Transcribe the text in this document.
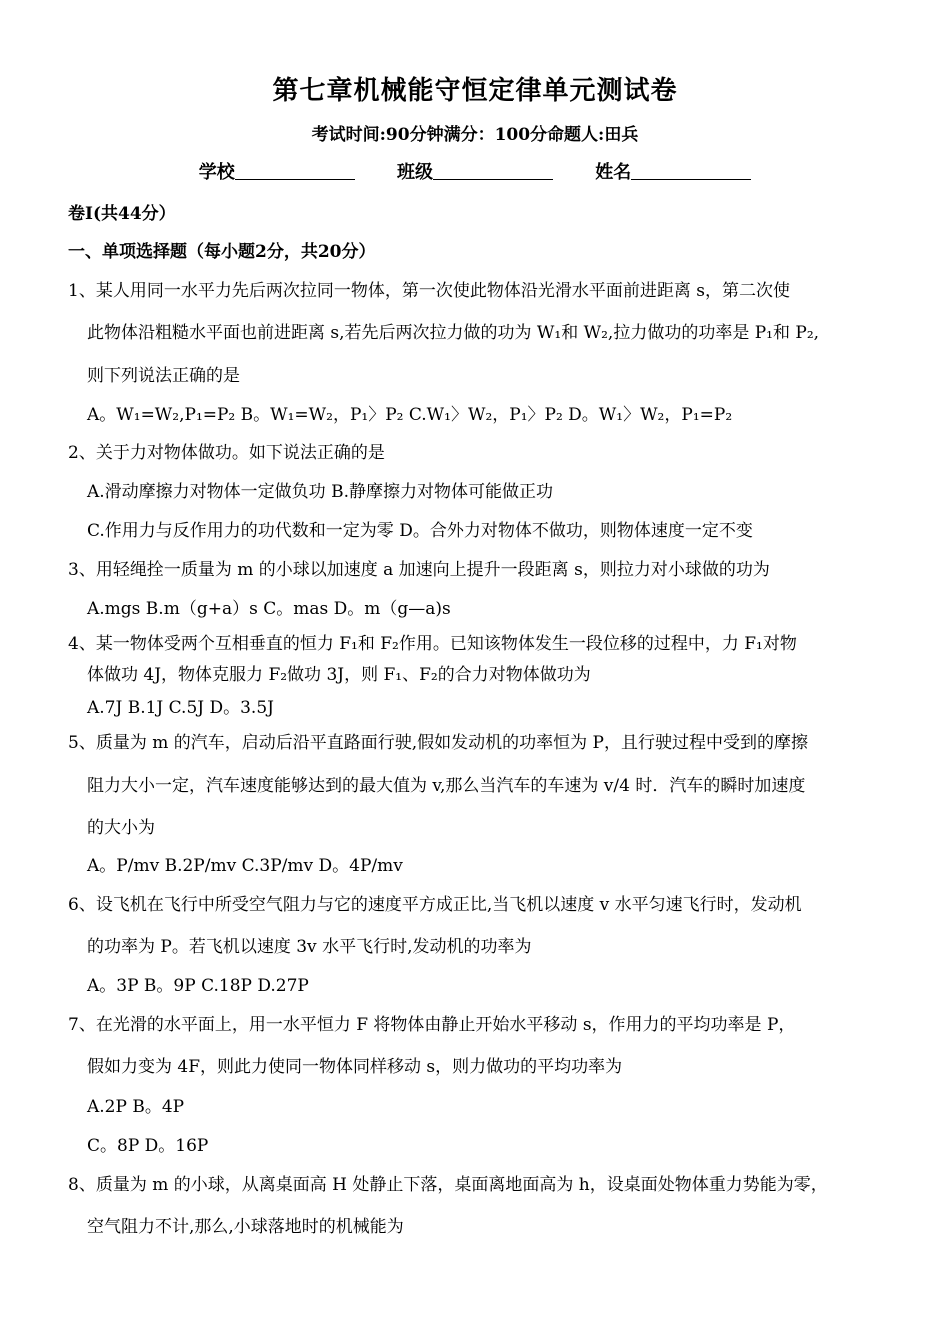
第七章机械能守恒定律单元测试卷
考试时间:90分钟满分：100分命题人:田兵
学校	班级	姓名
卷Ⅰ(共44分）
一、单项选择题（每小题2分，共20分）
1、某人用同一水平力先后两次拉同一物体，第一次使此物体沿光滑水平面前进距离 s，第二次使
此物体沿粗糙水平面也前进距离 s,若先后两次拉力做的功为 W₁和 W₂,拉力做功的功率是 P₁和 P₂,
则下列说法正确的是
A。W₁=W₂,P₁=P₂ B。W₁=W₂，P₁〉P₂ C.W₁〉W₂，P₁〉P₂ D。W₁〉W₂，P₁=P₂
2、关于力对物体做功。如下说法正确的是
A.滑动摩擦力对物体一定做负功 B.静摩擦力对物体可能做正功
C.作用力与反作用力的功代数和一定为零 D。合外力对物体不做功，则物体速度一定不变
3、用轻绳拴一质量为 m 的小球以加速度 a 加速向上提升一段距离 s，则拉力对小球做的功为
A.mgs B.m（g+a）s C。mas D。m（g—a)s
4、某一物体受两个互相垂直的恒力 F₁和 F₂作用。已知该物体发生一段位移的过程中，力 F₁对物
体做功 4J，物体克服力 F₂做功 3J，则 F₁、F₂的合力对物体做功为
A.7J B.1J C.5J D。3.5J
5、质量为 m 的汽车，启动后沿平直路面行驶,假如发动机的功率恒为 P，且行驶过程中受到的摩擦
阻力大小一定，汽车速度能够达到的最大值为 v,那么当汽车的车速为 v/4 时．汽车的瞬时加速度
的大小为
A。P/mv B.2P/mv C.3P/mv D。4P/mv
6、设飞机在飞行中所受空气阻力与它的速度平方成正比,当飞机以速度 v 水平匀速飞行时，发动机
的功率为 P。若飞机以速度 3v 水平飞行时,发动机的功率为
A。3P B。9P C.18P D.27P
7、在光滑的水平面上，用一水平恒力 F 将物体由静止开始水平移动 s，作用力的平均功率是 P，
假如力变为 4F，则此力使同一物体同样移动 s，则力做功的平均功率为
A.2P B。4P
C。8P D。16P
8、质量为 m 的小球，从离桌面高 H 处静止下落，桌面离地面高为 h，设桌面处物体重力势能为零，
空气阻力不计,那么,小球落地时的机械能为
